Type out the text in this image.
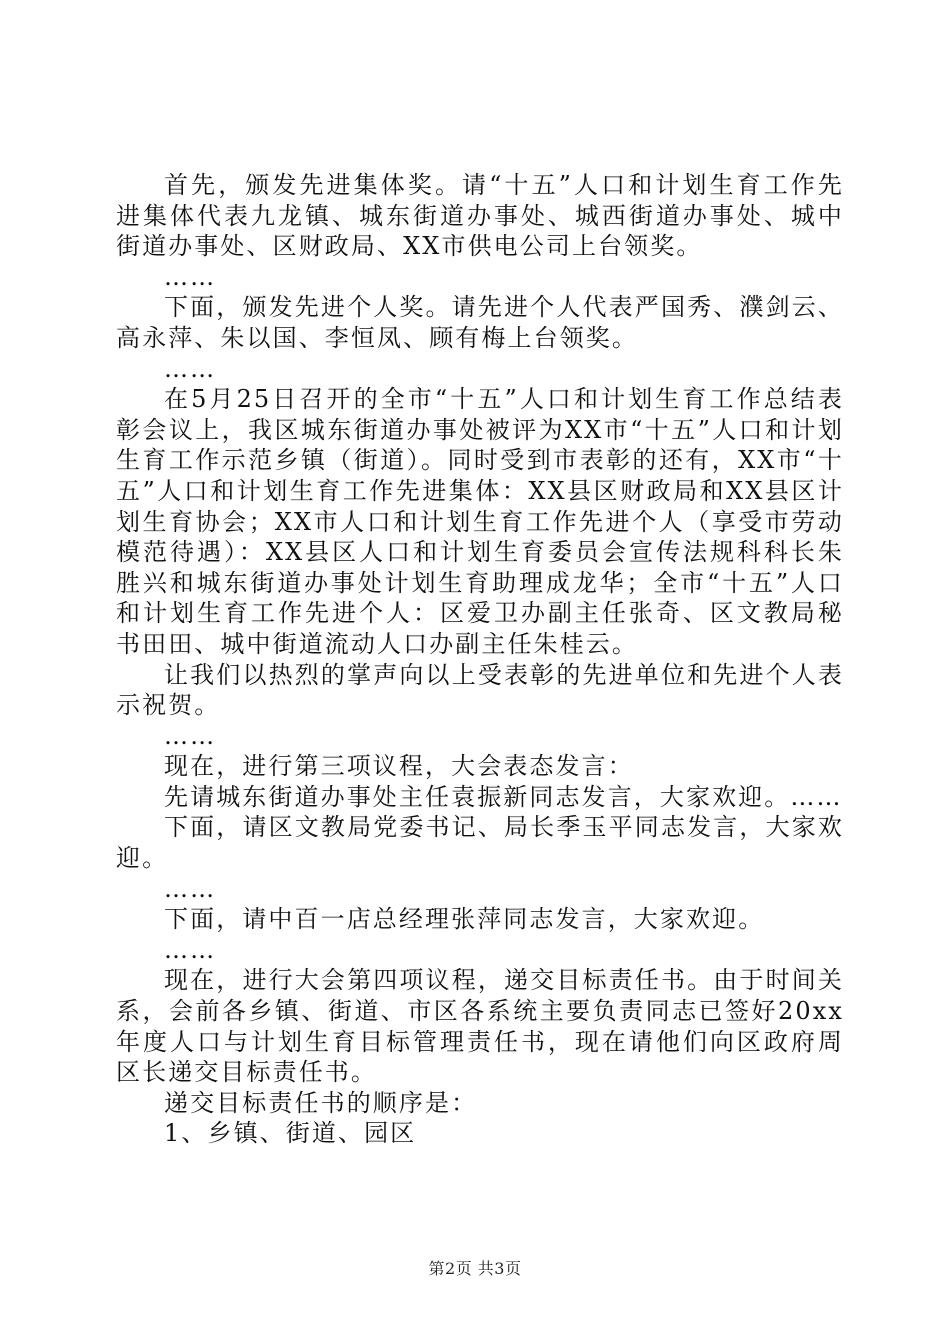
首先，颁发先进集体奖。请“十五”人口和计划生育工作先进集体代表九龙镇、城东街道办事处、城西街道办事处、城中街道办事处、区财政局、XX市供电公司上台领奖。

……

下面，颁发先进个人奖。请先进个人代表严国秀、濮剑云、高永萍、朱以国、李恒凤、顾有梅上台领奖。

……

在5月25日召开的全市“十五”人口和计划生育工作总结表彰会议上，我区城东街道办事处被评为XX市“十五”人口和计划生育工作示范乡镇（街道）。同时受到市表彰的还有，XX市“十五”人口和计划生育工作先进集体：XX县区财政局和XX县区计划生育协会；XX市人口和计划生育工作先进个人（享受市劳动模范待遇）：XX县区人口和计划生育委员会宣传法规科科长朱胜兴和城东街道办事处计划生育助理成龙华；全市“十五”人口和计划生育工作先进个人：区爱卫办副主任张奇、区文教局秘书田田、城中街道流动人口办副主任朱桂云。

让我们以热烈的掌声向以上受表彰的先进单位和先进个人表示祝贺。

……

现在，进行第三项议程，大会表态发言：

先请城东街道办事处主任袁振新同志发言，大家欢迎。……

下面，请区文教局党委书记、局长季玉平同志发言，大家欢迎。

……

下面，请中百一店总经理张萍同志发言，大家欢迎。

……

现在，进行大会第四项议程，递交目标责任书。由于时间关系，会前各乡镇、街道、市区各系统主要负责同志已签好20xx年度人口与计划生育目标管理责任书，现在请他们向区政府周区长递交目标责任书。

递交目标责任书的顺序是：

1、乡镇、街道、园区

第2页 共3页
